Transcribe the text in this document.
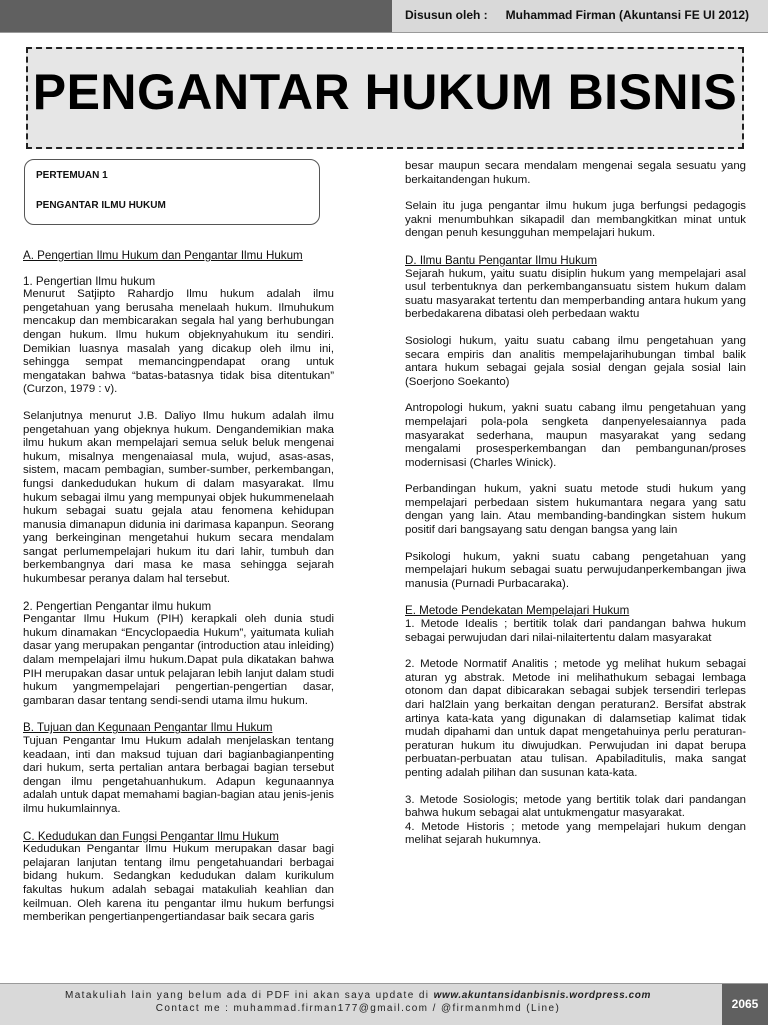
Disusun oleh : Muhammad Firman (Akuntansi FE UI 2012)
PENGANTAR HUKUM BISNIS
PERTEMUAN 1
PENGANTAR ILMU HUKUM
A. Pengertian Ilmu Hukum dan Pengantar Ilmu Hukum
1. Pengertian Ilmu hukum

Menurut Satjipto Rahardjo Ilmu hukum adalah ilmu pengetahuan yang berusaha menelaah hukum. Ilmuhukum mencakup dan membicarakan segala hal yang berhubungan dengan hukum. Ilmu hukum objeknyahukum itu sendiri. Demikian luasnya masalah yang dicakup oleh ilmu ini, sehingga sempat memancingpendapat orang untuk mengatakan bahwa “batas-batasnya tidak bisa ditentukan” (Curzon, 1979 : v).

Selanjutnya menurut J.B. Daliyo Ilmu hukum adalah ilmu pengetahuan yang objeknya hukum. Dengandemikian maka ilmu hukum akan mempelajari semua seluk beluk mengenai hukum, misalnya mengenaiasal mula, wujud, asas-asas, sistem, macam pembagian, sumber-sumber, perkembangan, fungsi dankedudukan hukum di dalam masyarakat. Ilmu hukum sebagai ilmu yang mempunyai objek hukummenelaah hukum sebagai suatu gejala atau fenomena kehidupan manusia dimanapun didunia ini darimasa kapanpun. Seorang yang berkeinginan mengetahui hukum secara mendalam sangat perlumempelajari hukum itu dari lahir, tumbuh dan berkembangnya dari masa ke masa sehingga sejarah hukumbesar peranya dalam hal tersebut.

2. Pengertian Pengantar ilmu hukum

Pengantar Ilmu Hukum (PIH) kerapkali oleh dunia studi hukum dinamakan “Encyclopaedia Hukum”, yaitumata kuliah dasar yang merupakan pengantar (introduction atau inleiding) dalam mempelajari ilmu hukum.Dapat pula dikatakan bahwa PIH merupakan dasar untuk pelajaran lebih lanjut dalam studi hukum yangmempelajari pengertian-pengertian dasar, gambaran dasar tentang sendi-sendi utama ilmu hukum.

B. Tujuan dan Kegunaan Pengantar Ilmu Hukum

Tujuan Pengantar Imu Hukum adalah menjelaskan tentang keadaan, inti dan maksud tujuan dari bagianbagianpenting dari hukum, serta pertalian antara berbagai bagian tersebut dengan ilmu pengetahuanhukum. Adapun kegunaannya adalah untuk dapat memahami bagian-bagian atau jenis-jenis ilmu hukumlainnya.

C. Kedudukan dan Fungsi Pengantar Ilmu Hukum

Kedudukan Pengantar Ilmu Hukum merupakan dasar bagi pelajaran lanjutan tentang ilmu pengetahuandari berbagai bidang hukum. Sedangkan kedudukan dalam kurikulum fakultas hukum adalah sebagai matakuliah keahlian dan keilmuan. Oleh karena itu pengantar ilmu hukum berfungsi memberikan pengertianpengertiandasar baik secara garis

besar maupun secara mendalam mengenai segala sesuatu yang berkaitandengan hukum.

Selain itu juga pengantar ilmu hukum juga berfungsi pedagogis yakni menumbuhkan sikapadil dan membangkitkan minat untuk dengan penuh kesungguhan mempelajari hukum.

D. Ilmu Bantu Pengantar Ilmu Hukum

Sejarah hukum, yaitu suatu disiplin hukum yang mempelajari asal usul terbentuknya dan perkembangansuatu sistem hukum dalam suatu masyarakat tertentu dan memperbanding antara hukum yang berbedakarena dibatasi oleh perbedaan waktu

Sosiologi hukum, yaitu suatu cabang ilmu pengetahuan yang secara empiris dan analitis mempelajarihubungan timbal balik antara hukum sebagai gejala sosial dengan gejala sosial lain (Soerjono Soekanto)

Antropologi hukum, yakni suatu cabang ilmu pengetahuan yang mempelajari pola-pola sengketa danpenyelesaiannya pada masyarakat sederhana, maupun masyarakat yang sedang mengalami prosesperkembangan dan pembangunan/proses modernisasi (Charles Winick).

Perbandingan hukum, yakni suatu metode studi hukum yang mempelajari perbedaan sistem hukumantara negara yang satu dengan yang lain. Atau membanding-bandingkan sistem hukum positif dari bangsayang satu dengan bangsa yang lain

Psikologi hukum, yakni suatu cabang pengetahuan yang mempelajari hukum sebagai suatu perwujudanperkembangan jiwa manusia (Purnadi Purbacaraka).

E. Metode Pendekatan Mempelajari Hukum

1. Metode Idealis ; bertitik tolak dari pandangan bahwa hukum sebagai perwujudan dari nilai-nilaitertentu dalam masyarakat

2. Metode Normatif Analitis ; metode yg melihat hukum sebagai aturan yg abstrak. Metode ini melihathukum sebagai lembaga otonom dan dapat dibicarakan sebagai subjek tersendiri terlepas dari hal2lain yang berkaitan dengan peraturan2. Bersifat abstrak artinya kata-kata yang digunakan di dalamsetiap kalimat tidak mudah dipahami dan untuk dapat mengetahuinya perlu peraturan-peraturan hukum itu diwujudkan. Perwujudan ini dapat berupa perbuatan-perbuatan atau tulisan. Apabiladitulis, maka sangat penting adalah pilihan dan susunan kata-kata.

3. Metode Sosiologis; metode yang bertitik tolak dari pandangan bahwa hukum sebagai alat untukmengatur masyarakat.

4. Metode Historis ; metode yang mempelajari hukum dengan melihat sejarah hukumnya.

Matakuliah lain yang belum ada di PDF ini akan saya update di www.akuntansidanbisnis.wordpress.com
Contact me : muhammad.firman177@gmail.com / @firmanmhmd (Line)	2065
